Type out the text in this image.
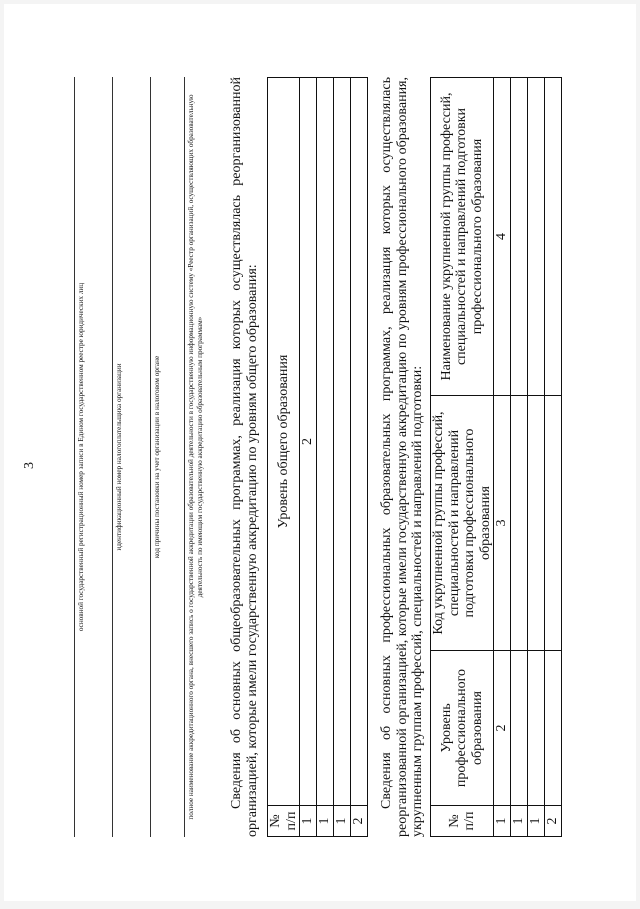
3	основной государственный регистрационный номер записи в Едином государственном реестре юридических лиц	идентификационный номер налогоплательщика организации	код причины постановки на учет организации в налоговом органе	полное наименование аккредитационного органа, внесшего запись о государственной аккредитации образовательной деятельности в государственную информационную систему «Реестр организаций, осуществляющих образовательную деятельность по имеющим государственную аккредитацию образовательным программам» Сведения об основных общеобразовательных программах, реализация которых осуществлялась реорганизованной организацией, которые имели государственную аккредитацию по уровням общего образования: № п/п	Уровень общего образования
1	2
1	
1	
2	
Сведения об основных профессиональных образовательных программах, реализация которых осуществлялась реорганизованной организацией, которые имели государственную аккредитацию по уровням профессионального образования, укрупненным группам профессий, специальностей и направлений подготовки: № п/п	Уровень профессионального образования	Код укрупненной группы профессий, специальностей и направлений подготовки профессионального образования	Наименование укрупненной группы профессий, специальностей и направлений подготовки профессионального образования
1	2	3	4
1			
1			
2			
